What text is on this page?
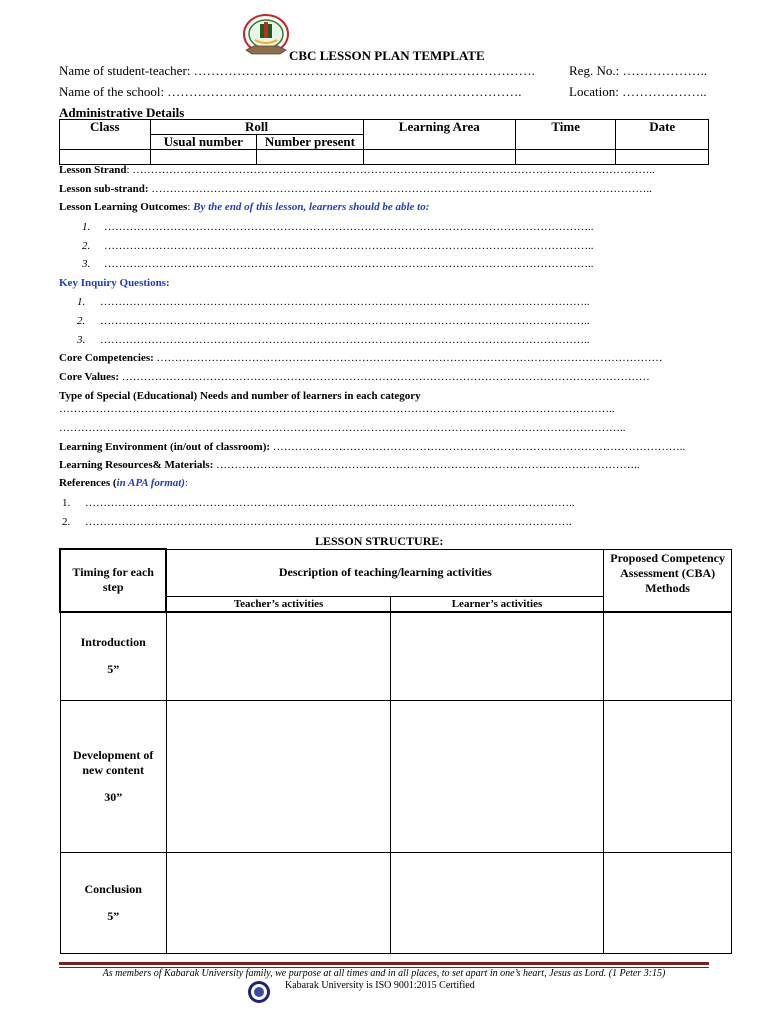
CBC LESSON PLAN TEMPLATE
Name of student-teacher: …………………………………………………………………….	Reg. No.: ………………..
Name of the school: ……………………………………………………………………….	Location: ………………..
Administrative Details
Class	Roll		Learning Area	Time	Date
	Usual number	Number present			

Lesson Strand: ……………………………………………………………………………………………………………………………..
Lesson sub-strand: ………………………………………………………………………………………………………………………..
Lesson Learning Outcomes: By the end of this lesson, learners should be able to:
1. ……………………………………………………………………………………………………………………..
2. ……………………………………………………………………………………………………………………..
3. ……………………………………………………………………………………………………………………..
Key Inquiry Questions:
1. ……………………………………………………………………………………………………………………..
2. ……………………………………………………………………………………………………………………..
3. ……………………………………………………………………………………………………………………..
Core Competencies: …………………………………………………………………………………………………………………………
Core Values: ………………………………………………………………………………………………………………………………
Type of Special (Educational) Needs and number of learners in each category
……………………………………………………………………………………………………………………………………..
………………………………………………………………………………………………………………………………………..
Learning Environment (in/out of classroom): …………………………………………………………………………………………………..
Learning Resources& Materials: ……………………………………………………………………………………………………..
References (in APA format):
1. ……………………………………………………………………………………………………………………..
2. …………………………………………………………………………………………………………………….
LESSON STRUCTURE:
Timing for each step	Description of teaching/learning activities		Proposed Competency Assessment (CBA) Methods
	Teacher’s activities	Learner’s activities	

Introduction
5”			

Development of new content
30”			

Conclusion
5”			

As members of Kabarak University family, we purpose at all times and in all places, to set apart in one’s heart, Jesus as Lord. (1 Peter 3:15)
Kabarak University is ISO 9001:2015 Certified
